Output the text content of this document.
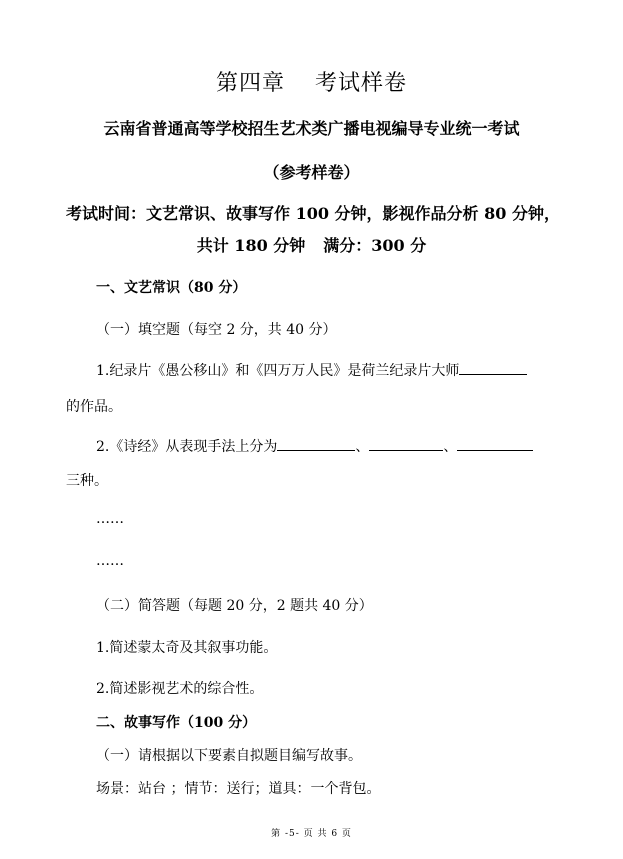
第四章 考试样卷
云南省普通高等学校招生艺术类广播电视编导专业统一考试
（参考样卷）
考试时间：文艺常识、故事写作 100 分钟，影视作品分析 80 分钟，
共计 180 分钟 满分：300 分
一、文艺常识（80 分）
（一）填空题（每空 2 分，共 40 分）
1.纪录片《愚公移山》和《四万万人民》是荷兰纪录片大师
的作品。
2.《诗经》从表现手法上分为	、	、
三种。
……
……
（二）简答题（每题 20 分，2 题共 40 分）
1.简述蒙太奇及其叙事功能。
2.简述影视艺术的综合性。
二、故事写作（100 分）
（一）请根据以下要素自拟题目编写故事。
场景：站台 ；情节：送行；道具：一个背包。
第 -5- 页 共 6 页
